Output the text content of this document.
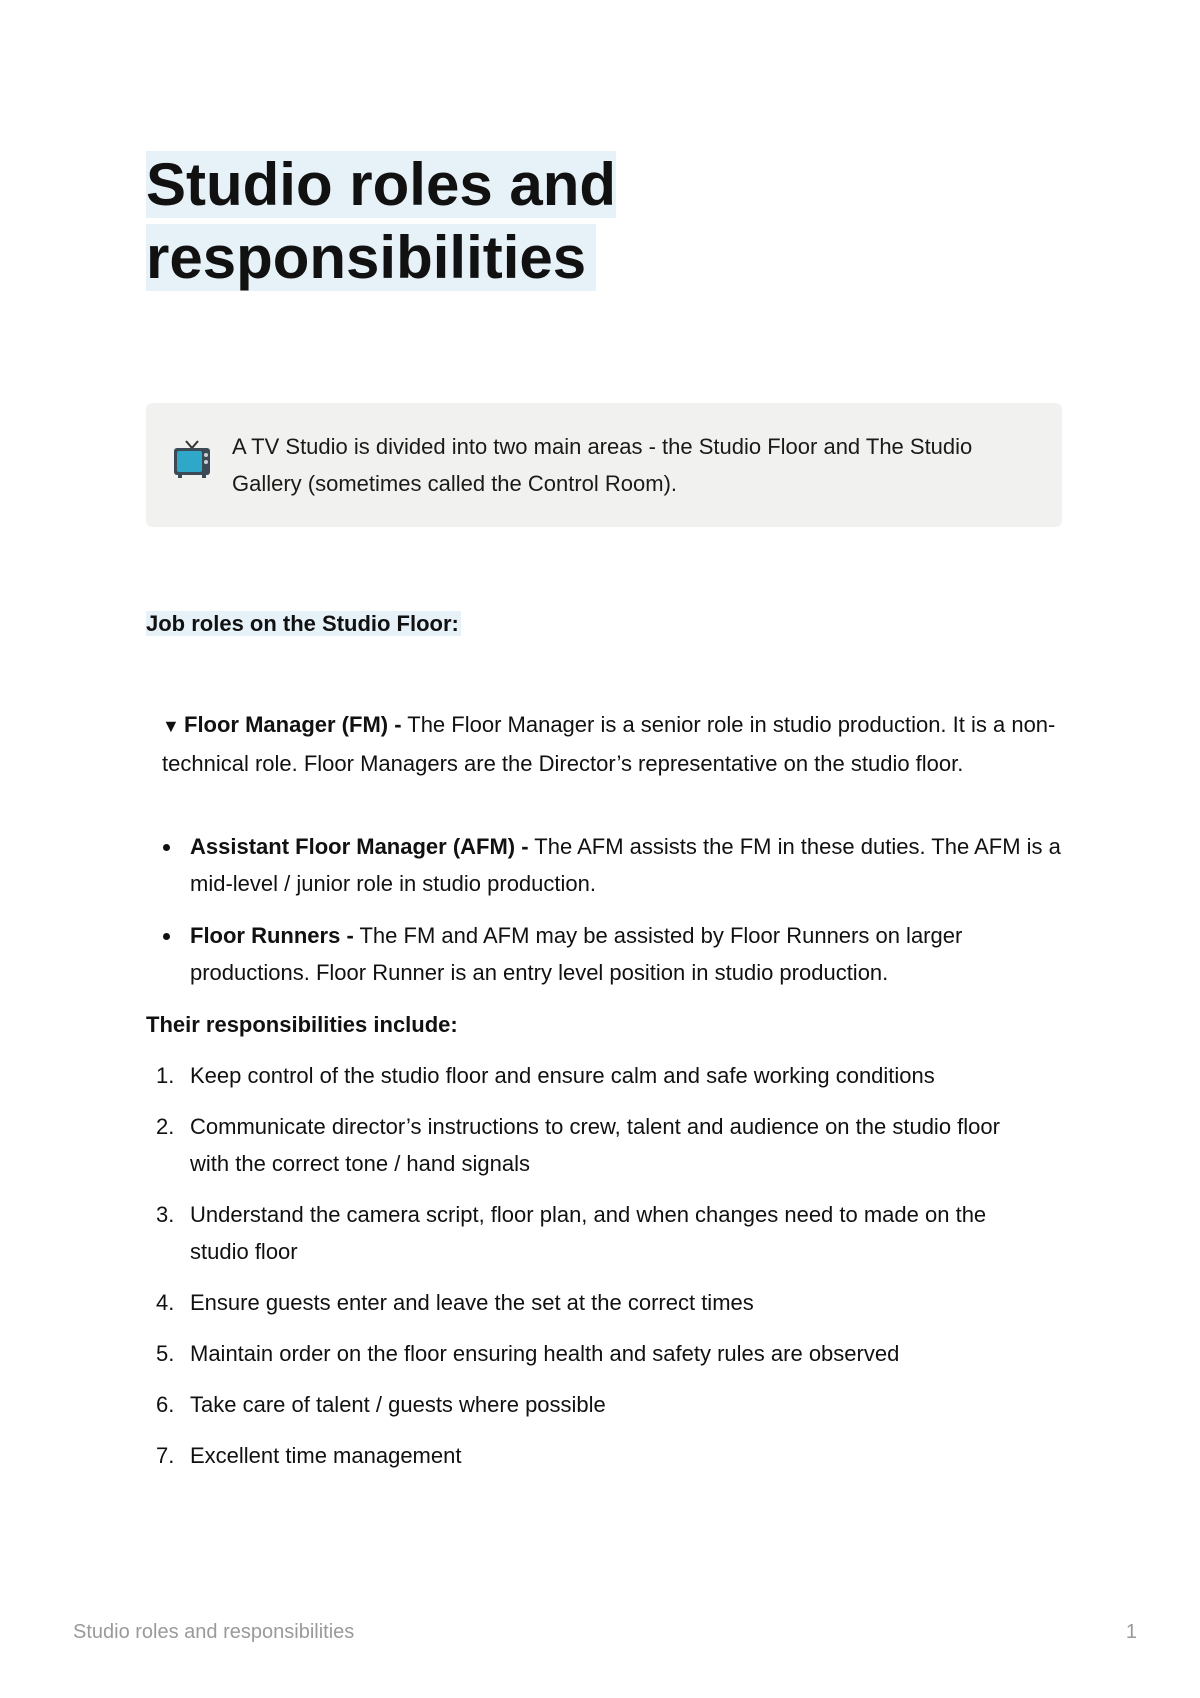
Studio roles and responsibilities
A TV Studio is divided into two main areas - the Studio Floor and The Studio Gallery (sometimes called the Control Room).
Job roles on the Studio Floor:
▼ Floor Manager (FM) - The Floor Manager is a senior role in studio production. It is a non-technical role. Floor Managers are the Director’s representative on the studio floor.
Assistant Floor Manager (AFM) - The AFM assists the FM in these duties. The AFM is a mid-level / junior role in studio production.
Floor Runners - The FM and AFM may be assisted by Floor Runners on larger productions. Floor Runner is an entry level position in studio production.

Their responsibilities include:

1. Keep control of the studio floor and ensure calm and safe working conditions
2. Communicate director’s instructions to crew, talent and audience on the studio floor
with the correct tone / hand signals
3. Understand the camera script, floor plan, and when changes need to made on the
studio floor
4. Ensure guests enter and leave the set at the correct times
5. Maintain order on the floor ensuring health and safety rules are observed
6. Take care of talent / guests where possible
7. Excellent time management
Studio roles and responsibilities	1
